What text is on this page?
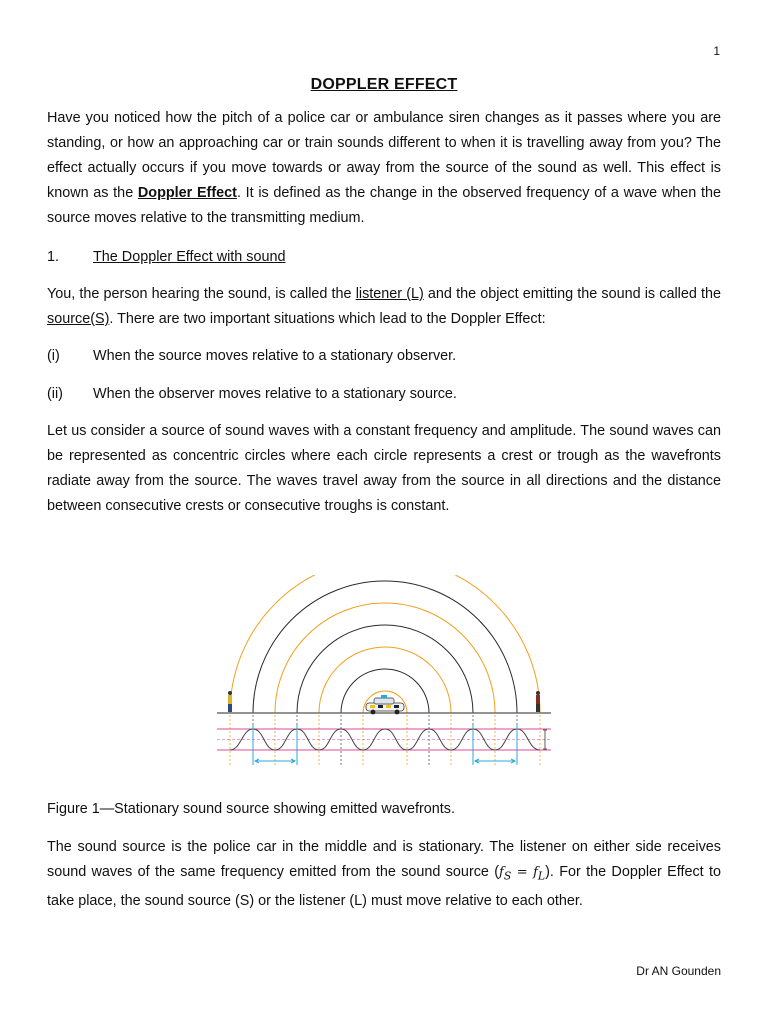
1
DOPPLER EFFECT

Have you noticed how the pitch of a police car or ambulance siren changes as it passes where you are standing, or how an approaching car or train sounds different to when it is travelling away from you? The effect actually occurs if you move towards or away from the source of the sound as well. This effect is known as the Doppler Effect. It is defined as the change in the observed frequency of a wave when the source moves relative to the transmitting medium.

1. The Doppler Effect with sound

You, the person hearing the sound, is called the listener (L) and the object emitting the sound is called the source(S). There are two important situations which lead to the Doppler Effect:

(i) When the source moves relative to a stationary observer.
(ii) When the observer moves relative to a stationary source.

Let us consider a source of sound waves with a constant frequency and amplitude. The sound waves can be represented as concentric circles where each circle represents a crest or trough as the wavefronts radiate away from the source. The waves travel away from the source in all directions and the distance between consecutive crests or consecutive troughs is constant.

Figure 1—Stationary sound source showing emitted wavefronts.

The sound source is the police car in the middle and is stationary. The listener on either side receives sound waves of the same frequency emitted from the sound source $(f_S = f_L)$. For the Doppler Effect to take place, the sound source (S) or the listener (L) must move relative to each other.

Dr AN Gounden
